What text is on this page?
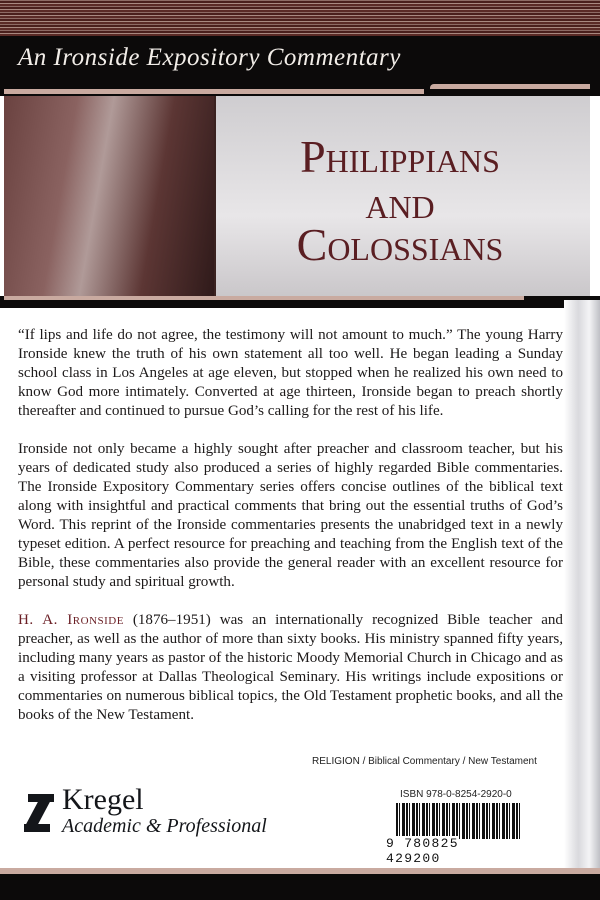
An Ironside Expository Commentary
Philippians
and
Colossians

“If lips and life do not agree, the testimony will not amount to much.” The young Harry Ironside knew the truth of his own statement all too well. He began leading a Sunday school class in Los Angeles at age eleven, but stopped when he realized his own need to know God more intimately. Converted at age thirteen, Ironside began to preach shortly thereafter and continued to pursue God’s calling for the rest of his life.

Ironside not only became a highly sought after preacher and classroom teacher, but his years of dedicated study also produced a series of highly regarded Bible commentaries. The Ironside Expository Commentary series offers concise outlines of the biblical text along with insightful and practical comments that bring out the essential truths of God’s Word. This reprint of the Ironside commentaries presents the unabridged text in a newly typeset edition. A perfect resource for preaching and teaching from the English text of the Bible, these commentaries also provide the general reader with an excellent resource for personal study and spiritual growth.

H. A. Ironside (1876–1951) was an internationally recognized Bible teacher and preacher, as well as the author of more than sixty books. His ministry spanned fifty years, including many years as pastor of the historic Moody Memorial Church in Chicago and as a visiting professor at Dallas Theological Seminary. His writings include expositions or commentaries on numerous biblical topics, the Old Testament prophetic books, and all the books of the New Testament.

RELIGION / Biblical Commentary / New Testament
Kregel
Academic & Professional
ISBN 978-0-8254-2920-0
9 780825 429200
